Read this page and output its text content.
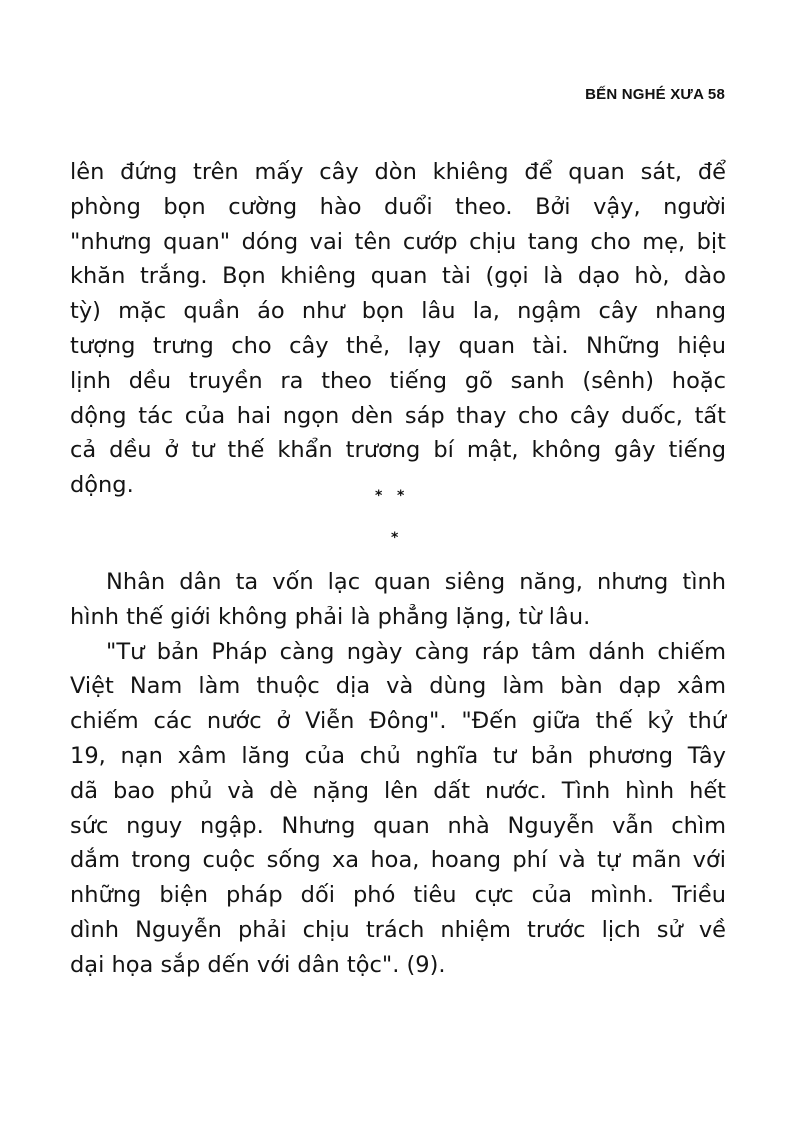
BẾN NGHÉ XƯA 58
lên đứng trên mấy cây dòn khiêng để quan sát, để
phòng bọn cường hào duổi theo. Bởi vậy, người
"nhưng quan" dóng vai tên cướp chịu tang cho mẹ, bịt
khăn trắng. Bọn khiêng quan tài (gọi là dạo hò, dào
tỳ) mặc quần áo như bọn lâu la, ngậm cây nhang
tượng trưng cho cây thẻ, lạy quan tài. Những hiệu
lịnh dều truyền ra theo tiếng gõ sanh (sênh) hoặc
dộng tác của hai ngọn dèn sáp thay cho cây duốc, tất
cả dều ở tư thế khẩn trương bí mật, không gây tiếng
dộng.	* *
*
Nhân dân ta vốn lạc quan siêng năng, nhưng tình
hình thế giới không phải là phẳng lặng, từ lâu.
"Tư bản Pháp càng ngày càng ráp tâm dánh chiếm
Việt Nam làm thuộc dịa và dùng làm bàn dạp xâm
chiếm các nước ở Viễn Đông". "Đến giữa thế kỷ thứ
19, nạn xâm lăng của chủ nghĩa tư bản phương Tây
dã bao phủ và dè nặng lên dất nước. Tình hình hết
sức nguy ngập. Nhưng quan nhà Nguyễn vẫn chìm
dắm trong cuộc sống xa hoa, hoang phí và tự mãn với
những biện pháp dối phó tiêu cực của mình. Triều
dình Nguyễn phải chịu trách nhiệm trước lịch sử về
dại họa sắp dến với dân tộc". (9).
